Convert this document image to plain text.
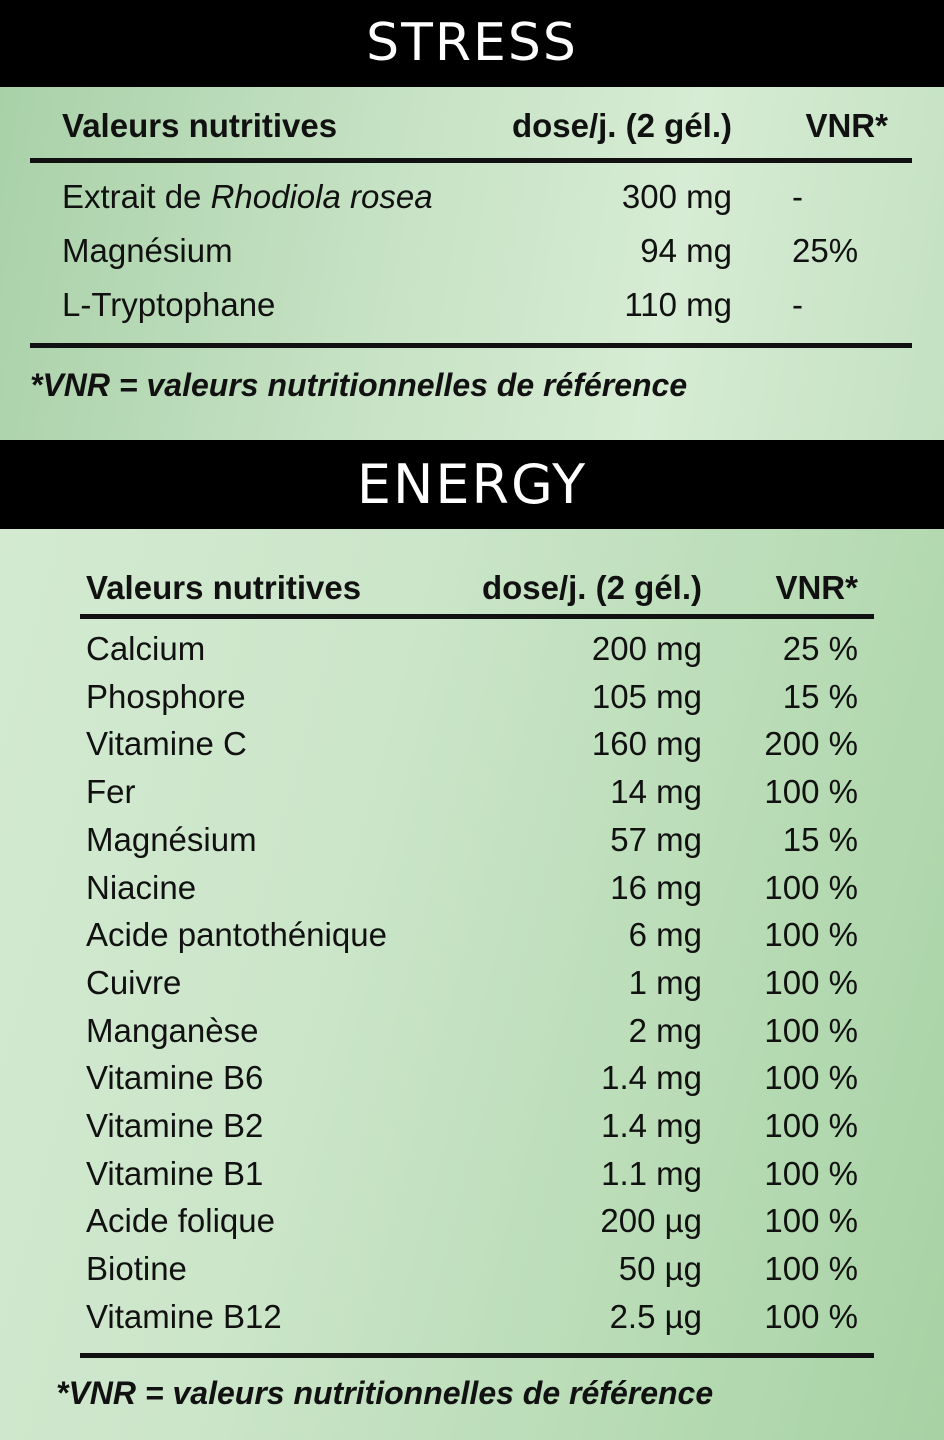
STRESS
Valeurs nutritives	dose/j. (2 gél.) VNR*
Extrait de Rhodiola rosea	300 mg -
Magnésium	94 mg 25%
L-Tryptophane	110 mg -
*VNR = valeurs nutritionnelles de référence
ENERGY
Valeurs nutritives	dose/j. (2 gél.) VNR*
Calcium	200 mg 25 %
Phosphore	105 mg 15 %
Vitamine C	160 mg 200 %
Fer	14 mg 100 %
Magnésium	57 mg 15 %
Niacine	16 mg 100 %
Acide pantothénique	6 mg 100 %
Cuivre	1 mg 100 %
Manganèse	2 mg 100 %
Vitamine B6	1.4 mg 100 %
Vitamine B2	1.4 mg 100 %
Vitamine B1	1.1 mg 100 %
Acide folique	200 µg 100 %
Biotine	50 µg 100 %
Vitamine B12	2.5 µg 100 %
*VNR = valeurs nutritionnelles de référence
